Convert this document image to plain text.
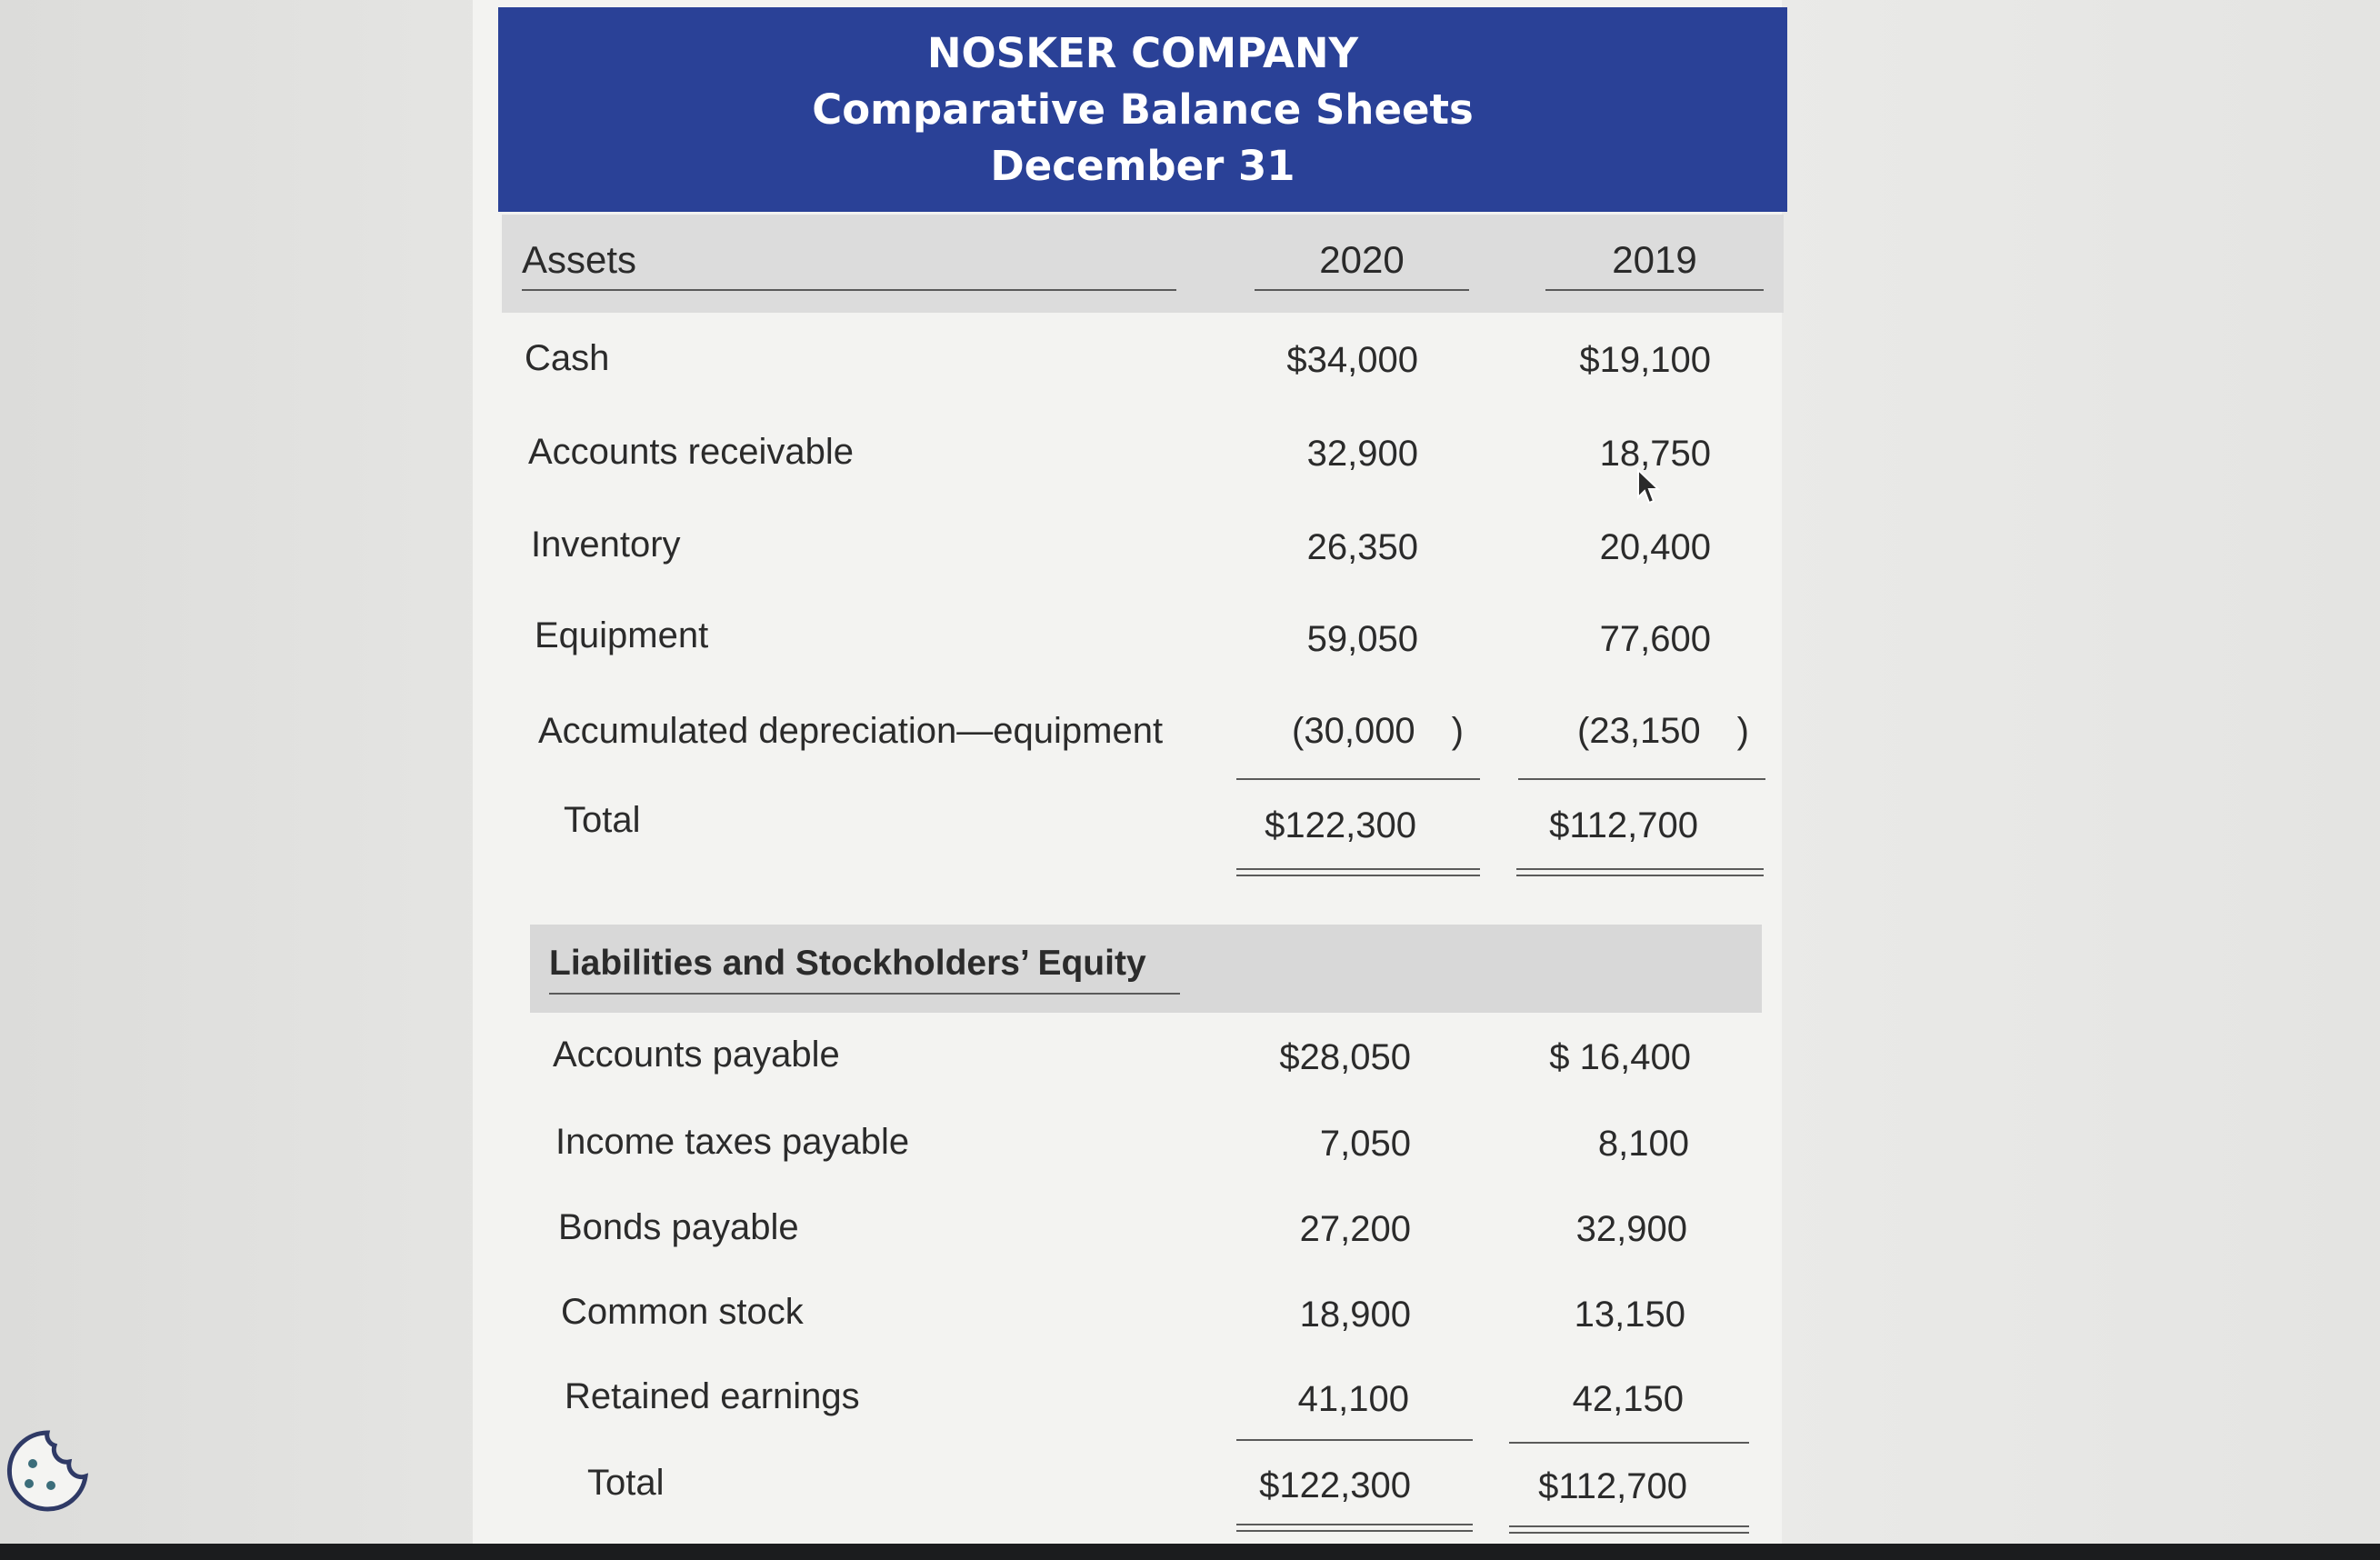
NOSKER COMPANY
Comparative Balance Sheets
December 31
Assets	2020	2019
Cash	$34,000	$19,100
Accounts receivable	32,900	18,750
Inventory	26,350	20,400
Equipment	59,050	77,600
Accumulated depreciation—equipment	(30,000  )	(23,150  )
Total	$122,300	$112,700
Liabilities and Stockholders’ Equity
Accounts payable	$28,050	$ 16,400
Income taxes payable	7,050	8,100
Bonds payable	27,200	32,900
Common stock	18,900	13,150
Retained earnings	41,100	42,150
Total	$122,300	$112,700
